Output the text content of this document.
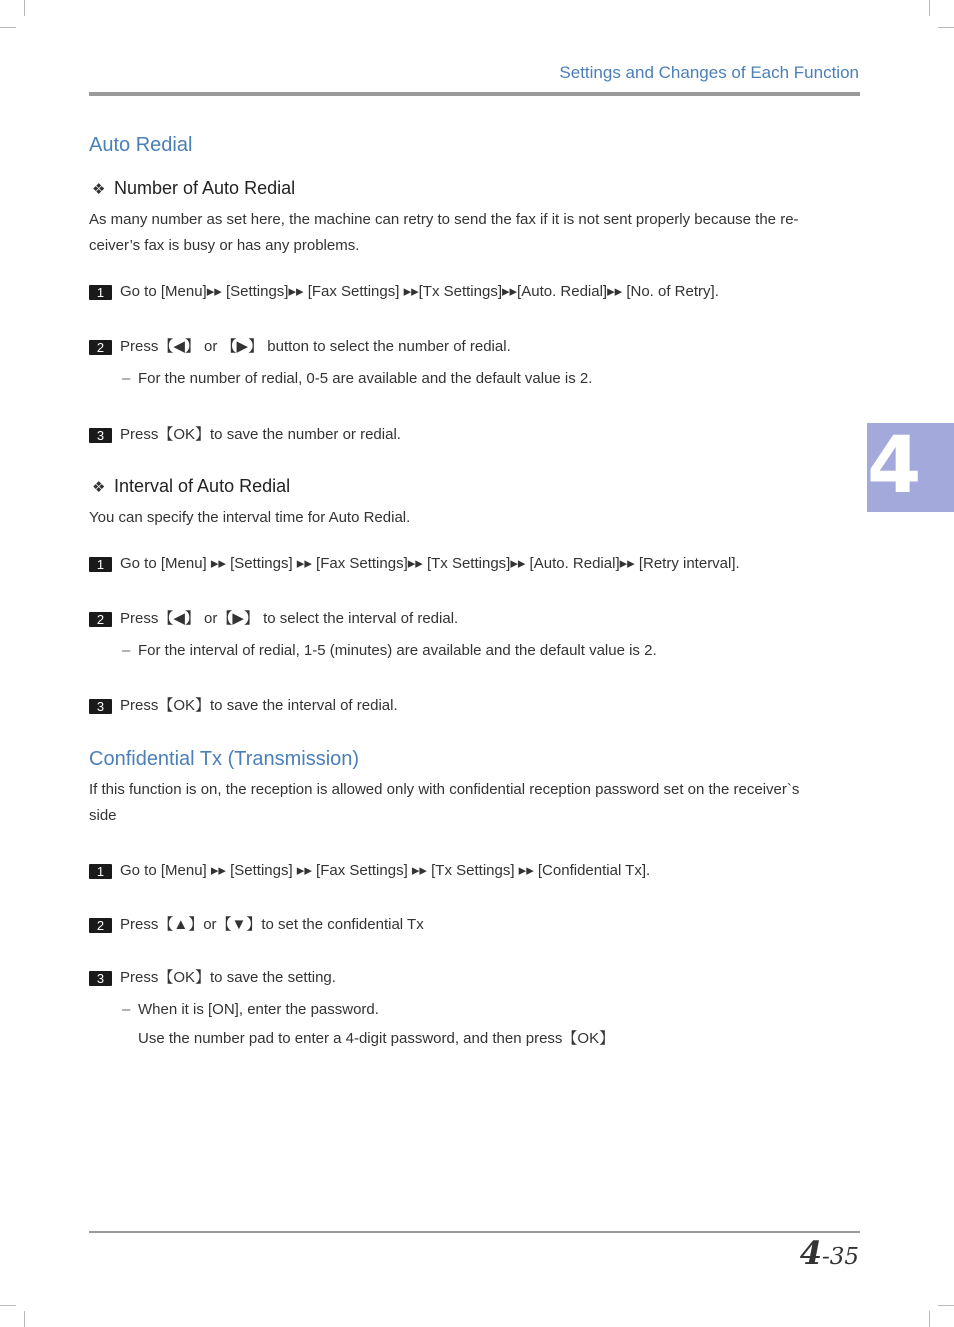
Settings and Changes of Each Function
4
Auto Redial
❖ Number of Auto Redial
As many number as set here, the machine can retry to send the fax if it is not sent properly because the re-
ceiver’s fax is busy or has any problems.
1 Go to [Menu]▸▸ [Settings]▸▸ [Fax Settings] ▸▸[Tx Settings]▸▸[Auto. Redial]▸▸ [No. of Retry].
2 Press【◀】 or 【▶】 button to select the number of redial.
– For the number of redial, 0-5 are available and the default value is 2.
3 Press【OK】to save the number or redial.
❖ Interval of Auto Redial
You can specify the interval time for Auto Redial.
1 Go to [Menu] ▸▸ [Settings] ▸▸ [Fax Settings]▸▸ [Tx Settings]▸▸ [Auto. Redial]▸▸ [Retry interval].
2 Press【◀】 or【▶】 to select the interval of redial.
– For the interval of redial, 1-5 (minutes) are available and the default value is 2.
3 Press【OK】to save the interval of redial.
Confidential Tx (Transmission)
If this function is on, the reception is allowed only with confidential reception password set on the receiver`s
side
1 Go to [Menu] ▸▸ [Settings] ▸▸ [Fax Settings] ▸▸ [Tx Settings] ▸▸ [Confidential Tx].
2 Press【▲】or【▼】to set the confidential Tx
3 Press【OK】to save the setting.
– When it is [ON], enter the password.
Use the number pad to enter a 4-digit password, and then press【OK】
4-35
